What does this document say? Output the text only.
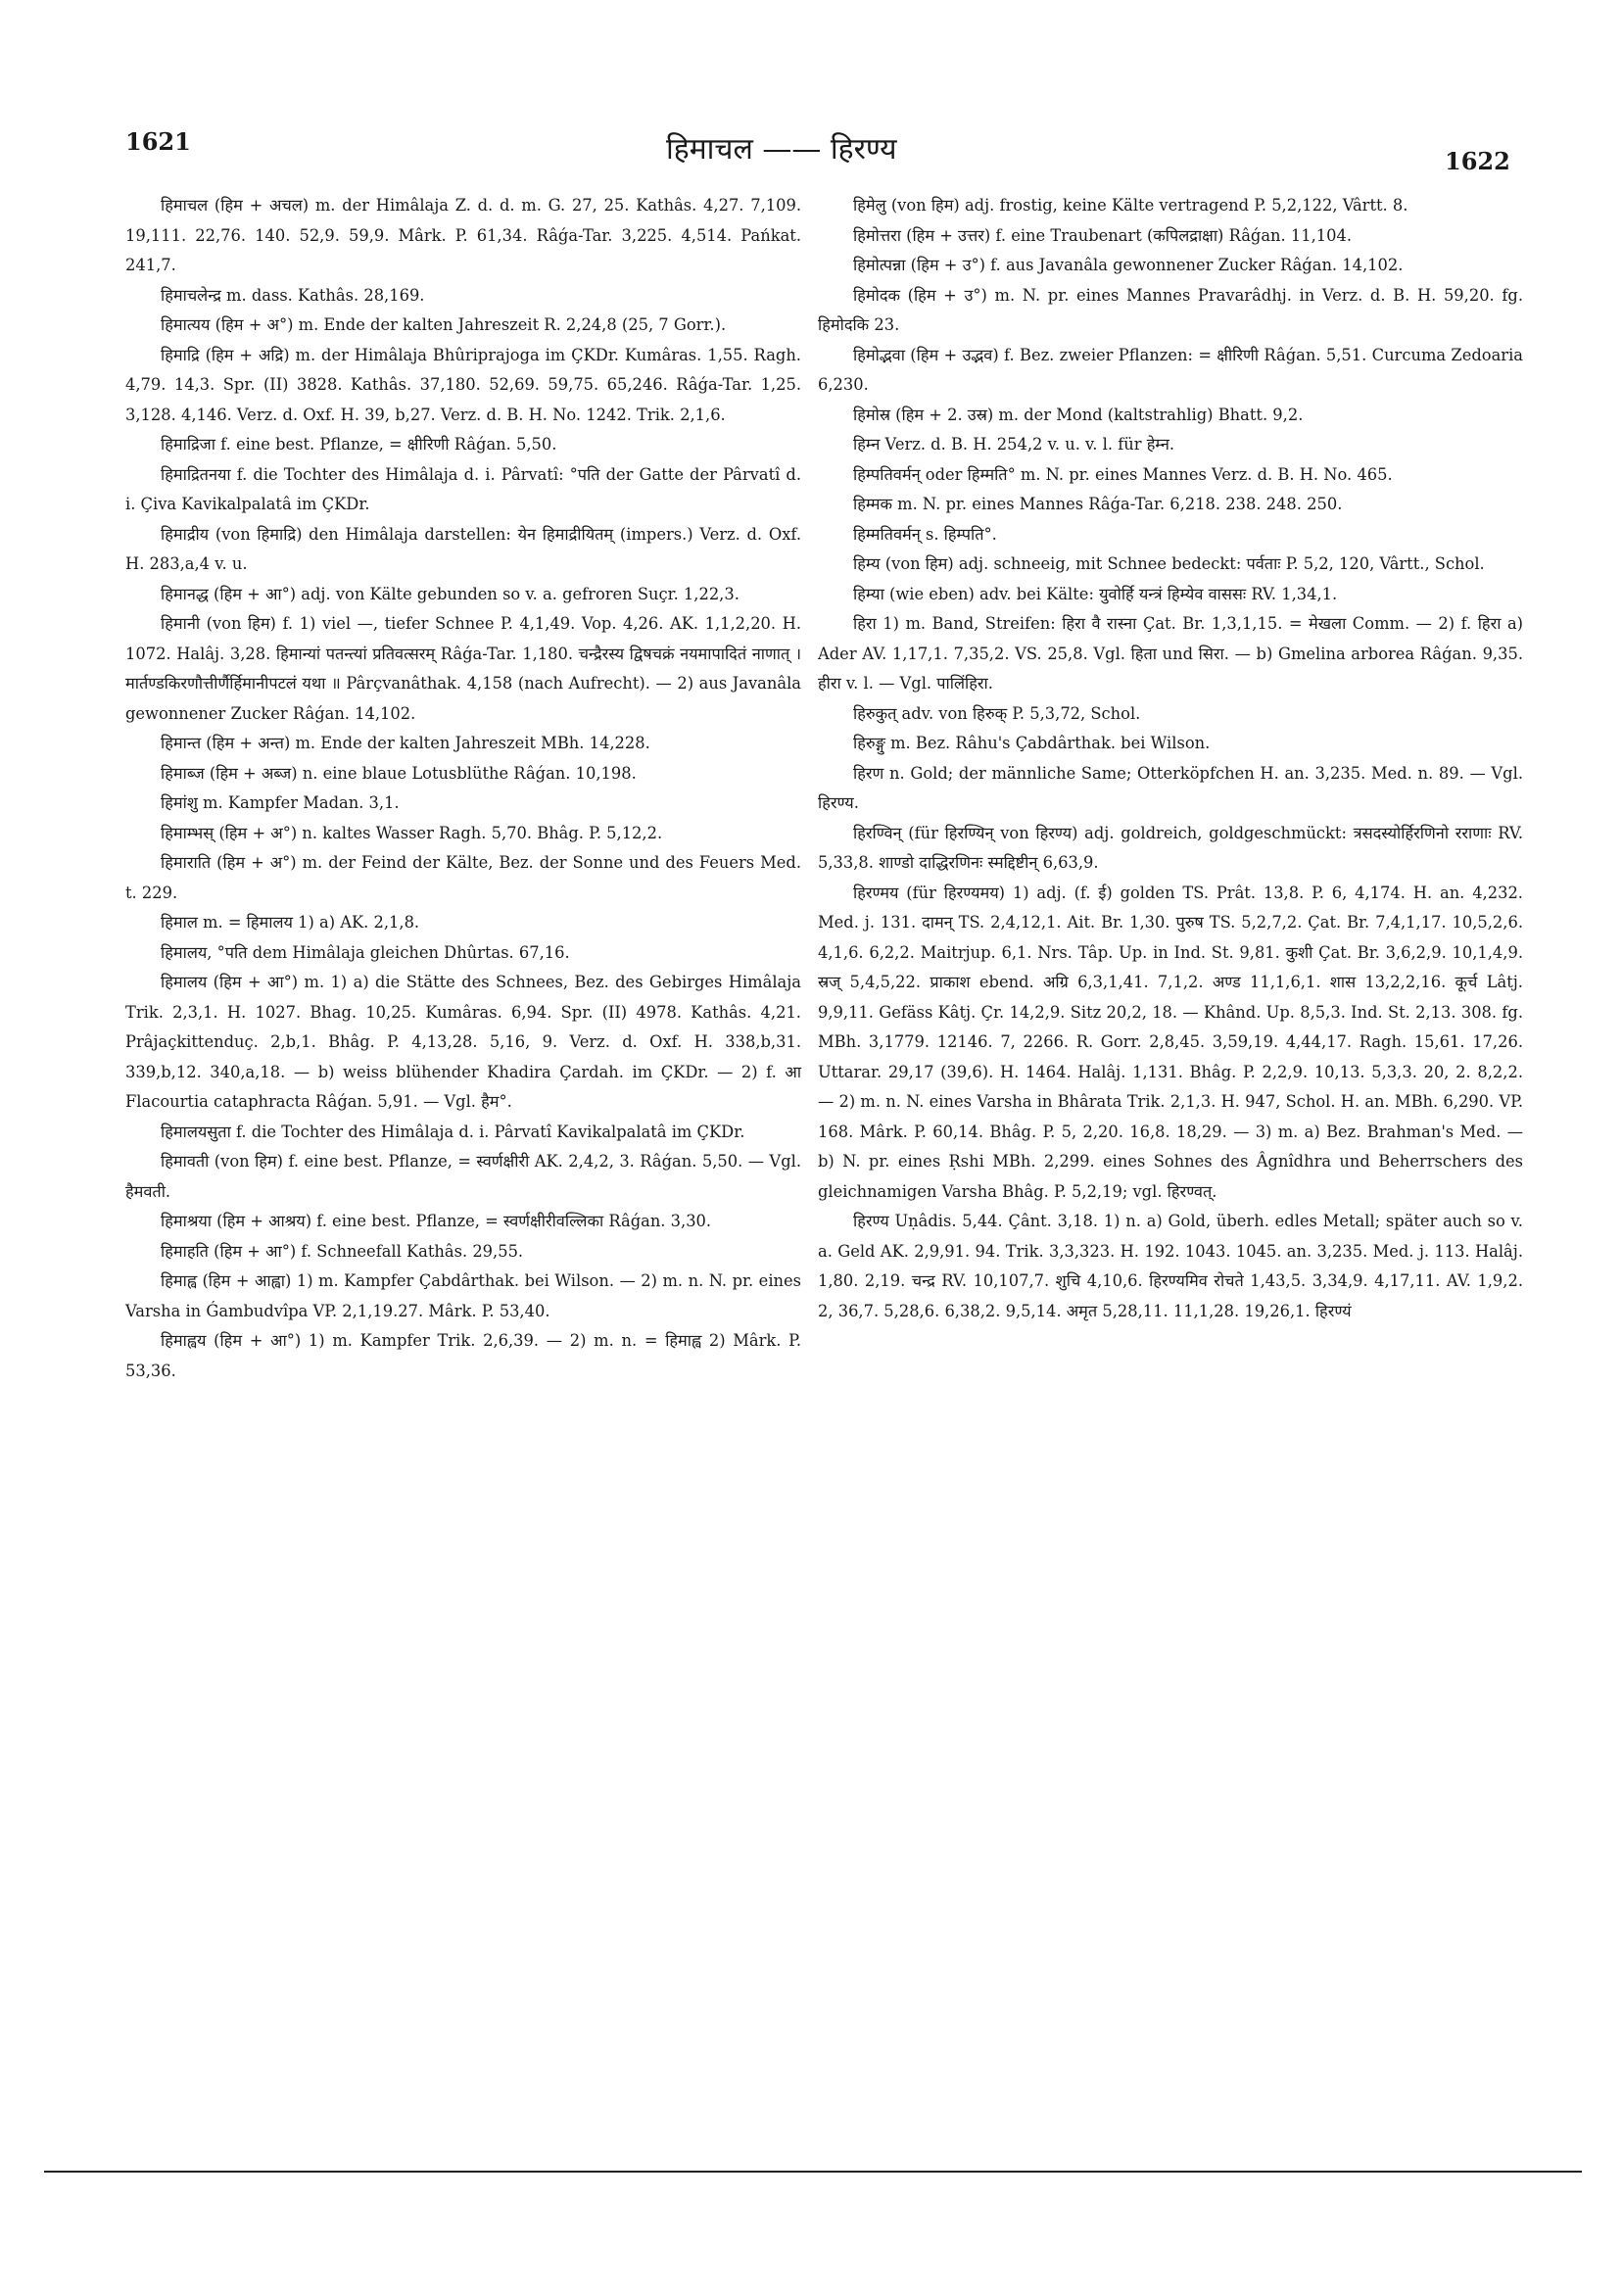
1621	हिमाचल —— हिरण्य	1622

हिमाचल (हिम + अचल) m. der Himâlaja Z. d. d. m. G. 27, 25. Kathâs. 4,27. 7,109. 19,111. 22,76. 140. 52,9. 59,9. Mârk. P. 61,34. Râǵa-Tar. 3,225. 4,514. Pańkat. 241,7.

हिमाचलेन्द्र m. dass. Kathâs. 28,169.

हिमात्यय (हिम + अ°) m. Ende der kalten Jahreszeit R. 2,24,8 (25, 7 Gorr.).

हिमाद्रि (हिम + अद्रि) m. der Himâlaja Bhûriprajoga im ÇKDr. Kumâras. 1,55. Ragh. 4,79. 14,3. Spr. (II) 3828. Kathâs. 37,180. 52,69. 59,75. 65,246. Râǵa-Tar. 1,25. 3,128. 4,146. Verz. d. Oxf. H. 39, b,27. Verz. d. B. H. No. 1242. Trik. 2,1,6.

हिमाद्रिजा f. eine best. Pflanze, = क्षीरिणी Râǵan. 5,50.

हिमाद्रितनया f. die Tochter des Himâlaja d. i. Pârvatî: °पति der Gatte der Pârvatî d. i. Çiva Kavikalpalatâ im ÇKDr.

हिमाद्रीय (von हिमाद्रि) den Himâlaja darstellen: येन हिमाद्रीयितम् (impers.) Verz. d. Oxf. H. 283,a,4 v. u.

हिमानद्ध (हिम + आ°) adj. von Kälte gebunden so v. a. gefroren Suçr. 1,22,3.

हिमानी (von हिम) f. 1) viel —, tiefer Schnee P. 4,1,49. Vop. 4,26. AK. 1,1,2,20. H. 1072. Halâj. 3,28. हिमान्यां पतन्त्यां प्रतिवत्सरम् Râǵa-Tar. 1,180. चन्द्रैरस्य द्विषचक्रं नयमापादितं नाणात् । मार्तण्डकिरणौत्तीर्णैर्हिमानीपटलं यथा ॥ Pârçvanâthak. 4,158 (nach Aufrecht). — 2) aus Javanâla gewonnener Zucker Râǵan. 14,102.

हिमान्त (हिम + अन्त) m. Ende der kalten Jahreszeit MBh. 14,228.

हिमाब्ज (हिम + अब्ज) n. eine blaue Lotusblüthe Râǵan. 10,198.

हिमांशु m. Kampfer Madan. 3,1.

हिमाम्भस् (हिम + अ°) n. kaltes Wasser Ragh. 5,70. Bhâg. P. 5,12,2.

हिमाराति (हिम + अ°) m. der Feind der Kälte, Bez. der Sonne und des Feuers Med. t. 229.

हिमाल m. = हिमालय 1) a) AK. 2,1,8.

हिमालय, °पति dem Himâlaja gleichen Dhûrtas. 67,16.

हिमालय (हिम + आ°) m. 1) a) die Stätte des Schnees, Bez. des Gebirges Himâlaja Trik. 2,3,1. H. 1027. Bhag. 10,25. Kumâras. 6,94. Spr. (II) 4978. Kathâs. 4,21. Prâjaçkittenduç. 2,b,1. Bhâg. P. 4,13,28. 5,16, 9. Verz. d. Oxf. H. 338,b,31. 339,b,12. 340,a,18. — b) weiss blühender Khadira Çardah. im ÇKDr. — 2) f. आ Flacourtia cataphracta Râǵan. 5,91. — Vgl. हैम°.

हिमालयसुता f. die Tochter des Himâlaja d. i. Pârvatî Kavikalpalatâ im ÇKDr.

हिमावती (von हिम) f. eine best. Pflanze, = स्वर्णक्षीरी AK. 2,4,2, 3. Râǵan. 5,50. — Vgl. हैमवती.

हिमाश्रया (हिम + आश्रय) f. eine best. Pflanze, = स्वर्णक्षीरीवल्लिका Râǵan. 3,30.

हिमाहति (हिम + आ°) f. Schneefall Kathâs. 29,55.

हिमाह्व (हिम + आह्वा) 1) m. Kampfer Çabdârthak. bei Wilson. — 2) m. n. N. pr. eines Varsha in Ǵambudvîpa VP. 2,1,19.27. Mârk. P. 53,40.

हिमाह्वय (हिम + आ°) 1) m. Kampfer Trik. 2,6,39. — 2) m. n. = हिमाह्व 2) Mârk. P. 53,36.

हिमेलु (von हिम) adj. frostig, keine Kälte vertragend P. 5,2,122, Vârtt. 8.

हिमोत्तरा (हिम + उत्तर) f. eine Traubenart (कपिलद्राक्षा) Râǵan. 11,104.

हिमोत्पन्ना (हिम + उ°) f. aus Javanâla gewonnener Zucker Râǵan. 14,102.

हिमोदक (हिम + उ°) m. N. pr. eines Mannes Pravarâdhj. in Verz. d. B. H. 59,20. fg. हिमोदकि 23.

हिमोद्भवा (हिम + उद्भव) f. Bez. zweier Pflanzen: = क्षीरिणी Râǵan. 5,51. Curcuma Zedoaria 6,230.

हिमोस्र (हिम + 2. उस्र) m. der Mond (kaltstrahlig) Bhatt. 9,2.

हिम्न Verz. d. B. H. 254,2 v. u. v. l. für हेम्न.

हिम्पतिवर्मन् oder हिम्मति° m. N. pr. eines Mannes Verz. d. B. H. No. 465.

हिम्मक m. N. pr. eines Mannes Râǵa-Tar. 6,218. 238. 248. 250.

हिम्मतिवर्मन् s. हिम्पति°.

हिम्य (von हिम) adj. schneeig, mit Schnee bedeckt: पर्वताः P. 5,2, 120, Vârtt., Schol.

हिम्या (wie eben) adv. bei Kälte: युवोर्हि यन्त्रं हिम्येव वाससः RV. 1,34,1.

हिरा 1) m. Band, Streifen: हिरा वै रास्ना Çat. Br. 1,3,1,15. = मेखला Comm. — 2) f. हिरा a) Ader AV. 1,17,1. 7,35,2. VS. 25,8. Vgl. हिता und सिरा. — b) Gmelina arborea Râǵan. 9,35. हीरा v. l. — Vgl. पालिंहिरा.

हिरुकुत् adv. von हिरुक् P. 5,3,72, Schol.

हिरुङ्गु m. Bez. Râhu's Çabdârthak. bei Wilson.

हिरण n. Gold; der männliche Same; Otterköpfchen H. an. 3,235. Med. n. 89. — Vgl. हिरण्य.

हिरण्विन् (für हिरण्यिन् von हिरण्य) adj. goldreich, goldgeschmückt: त्रसदस्योर्हिरणिनो रराणाः RV. 5,33,8. शाण्डो दाद्धिरणिनः स्मद्दिष्टीन् 6,63,9.

हिरण्मय (für हिरण्यमय) 1) adj. (f. ई) golden TS. Prât. 13,8. P. 6, 4,174. H. an. 4,232. Med. j. 131. दामन् TS. 2,4,12,1. Ait. Br. 1,30. पुरुष TS. 5,2,7,2. Çat. Br. 7,4,1,17. 10,5,2,6. 4,1,6. 6,2,2. Maitrjup. 6,1. Nrs. Tâp. Up. in Ind. St. 9,81. कुशी Çat. Br. 3,6,2,9. 10,1,4,9. स्रज् 5,4,5,22. प्राकाश ebend. अग्रि 6,3,1,41. 7,1,2. अण्ड 11,1,6,1. शास 13,2,2,16. कूर्च Lâtj. 9,9,11. Gefäss Kâtj. Çr. 14,2,9. Sitz 20,2, 18. — Khând. Up. 8,5,3. Ind. St. 2,13. 308. fg. MBh. 3,1779. 12146. 7, 2266. R. Gorr. 2,8,45. 3,59,19. 4,44,17. Ragh. 15,61. 17,26. Uttarar. 29,17 (39,6). H. 1464. Halâj. 1,131. Bhâg. P. 2,2,9. 10,13. 5,3,3. 20, 2. 8,2,2. — 2) m. n. N. eines Varsha in Bhârata Trik. 2,1,3. H. 947, Schol. H. an. MBh. 6,290. VP. 168. Mârk. P. 60,14. Bhâg. P. 5, 2,20. 16,8. 18,29. — 3) m. a) Bez. Brahman's Med. — b) N. pr. eines Ṛshi MBh. 2,299. eines Sohnes des Âgnîdhra und Beherrschers des gleichnamigen Varsha Bhâg. P. 5,2,19; vgl. हिरण्वत्.

हिरण्य Uṇâdis. 5,44. Çânt. 3,18. 1) n. a) Gold, überh. edles Metall; später auch so v. a. Geld AK. 2,9,91. 94. Trik. 3,3,323. H. 192. 1043. 1045. an. 3,235. Med. j. 113. Halâj. 1,80. 2,19. चन्द्र RV. 10,107,7. शुचि 4,10,6. हिरण्यमिव रोचते 1,43,5. 3,34,9. 4,17,11. AV. 1,9,2. 2, 36,7. 5,28,6. 6,38,2. 9,5,14. अमृत 5,28,11. 11,1,28. 19,26,1. हिरण्यं
